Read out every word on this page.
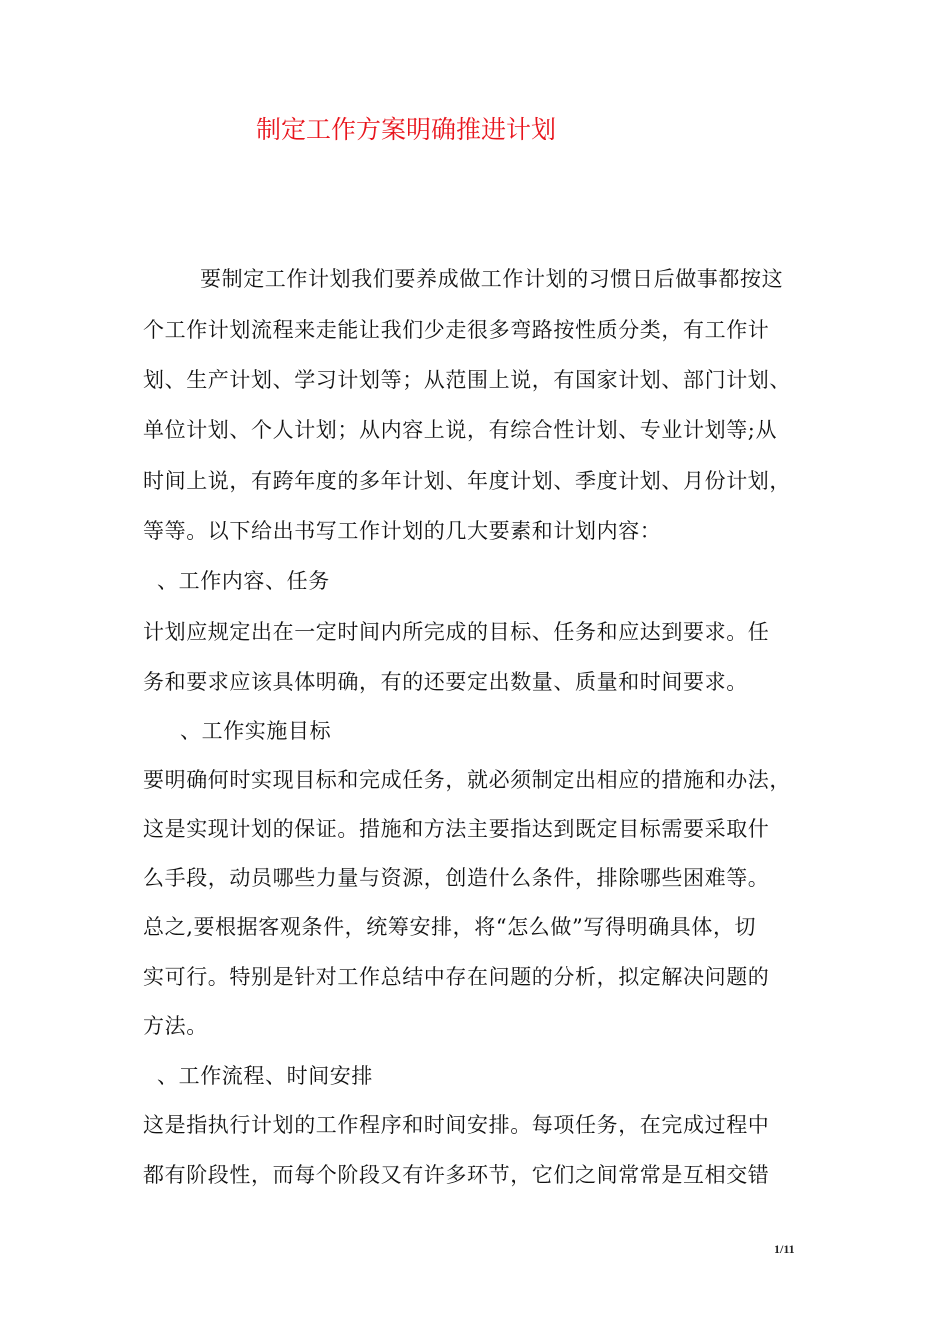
制定工作方案明确推进计划
要制定工作计划我们要养成做工作计划的习惯日后做事都按这
个工作计划流程来走能让我们少走很多弯路按性质分类，有工作计
划、生产计划、学习计划等；从范围上说，有国家计划、部门计划、
单位计划、个人计划；从内容上说，有综合性计划、专业计划等;从
时间上说，有跨年度的多年计划、年度计划、季度计划、月份计划，
等等。以下给出书写工作计划的几大要素和计划内容：
、工作内容、任务
计划应规定出在一定时间内所完成的目标、任务和应达到要求。任
务和要求应该具体明确，有的还要定出数量、质量和时间要求。
、工作实施目标
要明确何时实现目标和完成任务，就必须制定出相应的措施和办法，
这是实现计划的保证。措施和方法主要指达到既定目标需要采取什
么手段，动员哪些力量与资源，创造什么条件，排除哪些困难等。
总之,要根据客观条件，统筹安排，将“怎么做”写得明确具体，切
实可行。特别是针对工作总结中存在问题的分析，拟定解决问题的
方法。
、工作流程、时间安排
这是指执行计划的工作程序和时间安排。每项任务，在完成过程中
都有阶段性，而每个阶段又有许多环节，它们之间常常是互相交错
1/11
